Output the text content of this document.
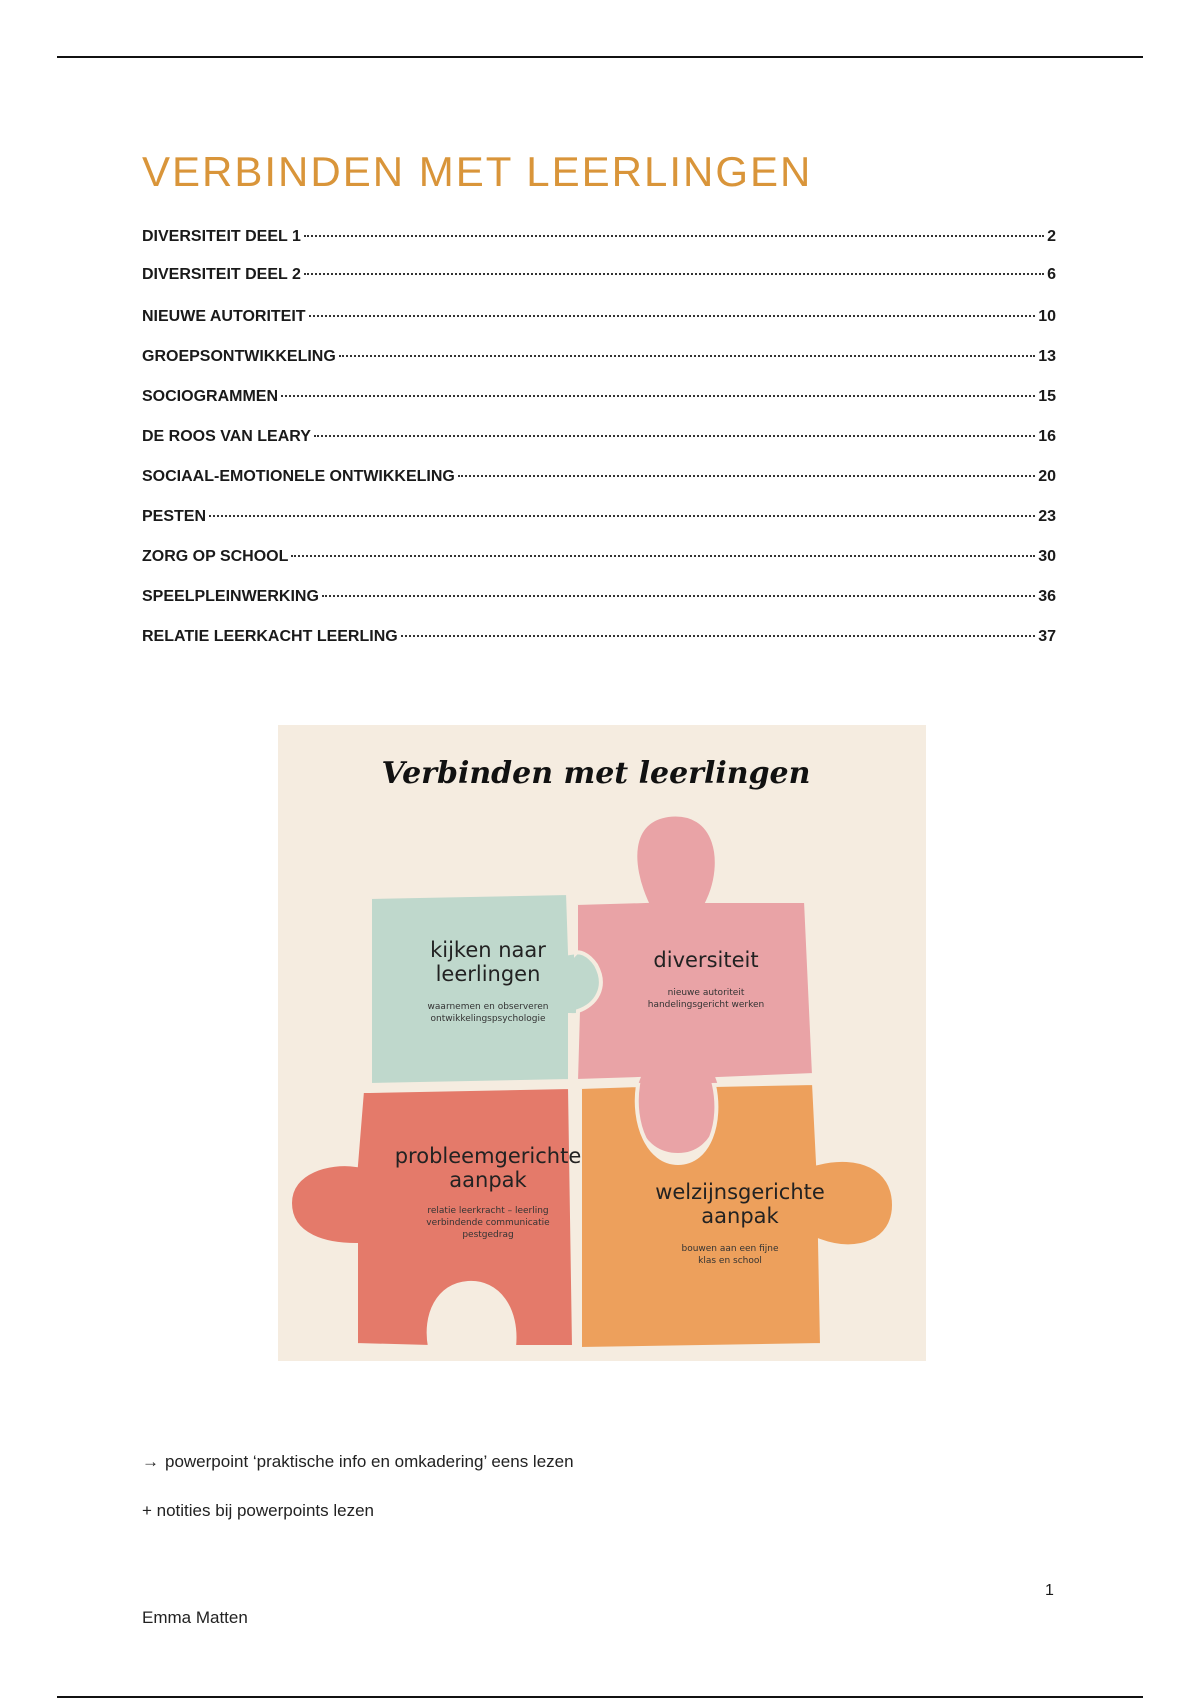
VERBINDEN MET LEERLINGEN
DIVERSITEIT DEEL 1	2
DIVERSITEIT DEEL 2	6
NIEUWE AUTORITEIT	10
GROEPSONTWIKKELING	13
SOCIOGRAMMEN	15
DE ROOS VAN LEARY	16
SOCIAAL-EMOTIONELE ONTWIKKELING	20
PESTEN	23
ZORG OP SCHOOL	30
SPEELPLEINWERKING	36
RELATIE LEERKACHT LEERLING	37
Verbinden met leerlingen
kijken naar
leerlingen
waarnemen en observeren
ontwikkelingspsychologie
diversiteit
nieuwe autoriteit
handelingsgericht werken
probleemgerichte
aanpak
relatie leerkracht – leerling
verbindende communicatie
pestgedrag
welzijnsgerichte
aanpak
bouwen aan een fijne
klas en school
→ powerpoint ‘praktische info en omkadering’ eens lezen
+ notities bij powerpoints lezen
1
Emma Matten
